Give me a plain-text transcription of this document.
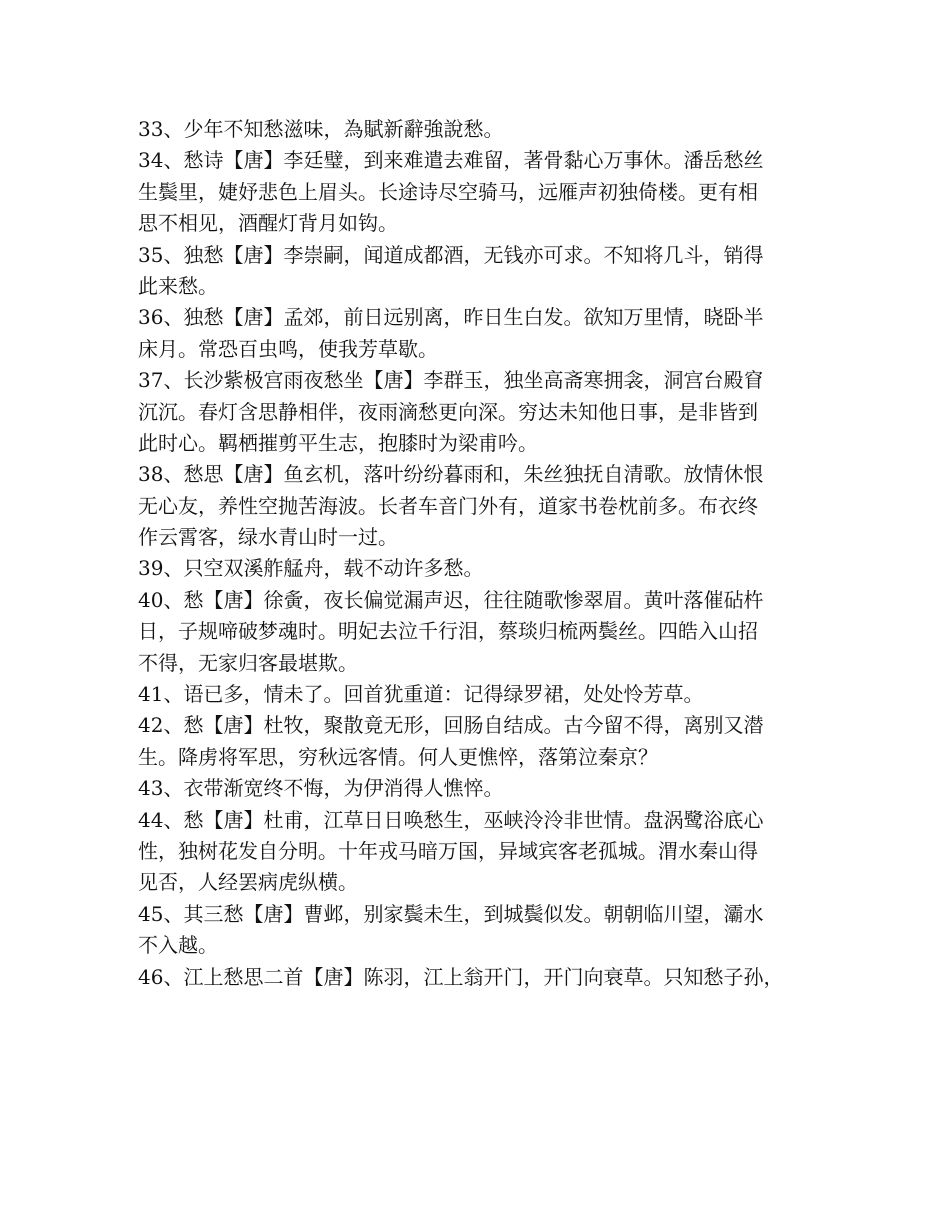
33、少年不知愁滋味，為賦新辭強說愁。
34、愁诗【唐】李廷璧，到来难遣去难留，著骨黏心万事休。潘岳愁丝
生鬓里，婕妤悲色上眉头。长途诗尽空骑马，远雁声初独倚楼。更有相
思不相见，酒醒灯背月如钩。
35、独愁【唐】李崇嗣，闻道成都酒，无钱亦可求。不知将几斗，销得
此来愁。
36、独愁【唐】孟郊，前日远别离，昨日生白发。欲知万里情，晓卧半
床月。常恐百虫鸣，使我芳草歇。
37、长沙紫极宫雨夜愁坐【唐】李群玉，独坐高斋寒拥衾，洞宫台殿窅
沉沉。春灯含思静相伴，夜雨滴愁更向深。穷达未知他日事，是非皆到
此时心。羁栖摧剪平生志，抱膝时为梁甫吟。
38、愁思【唐】鱼玄机，落叶纷纷暮雨和，朱丝独抚自清歌。放情休恨
无心友，养性空抛苦海波。长者车音门外有，道家书卷枕前多。布衣终
作云霄客，绿水青山时一过。
39、只空双溪舴艋舟，载不动许多愁。
40、愁【唐】徐夤，夜长偏觉漏声迟，往往随歌惨翠眉。黄叶落催砧杵
日，子规啼破梦魂时。明妃去泣千行泪，蔡琰归梳两鬓丝。四皓入山招
不得，无家归客最堪欺。
41、语已多，情未了。回首犹重道：记得绿罗裙，处处怜芳草。
42、愁【唐】杜牧，聚散竟无形，回肠自结成。古今留不得，离别又潜
生。降虏将军思，穷秋远客情。何人更憔悴，落第泣秦京？
43、衣带渐宽终不悔，为伊消得人憔悴。
44、愁【唐】杜甫，江草日日唤愁生，巫峡泠泠非世情。盘涡鹭浴底心
性，独树花发自分明。十年戎马暗万国，异域宾客老孤城。渭水秦山得
见否，人经罢病虎纵横。
45、其三愁【唐】曹邺，别家鬓未生，到城鬓似发。朝朝临川望，灞水
不入越。
46、江上愁思二首【唐】陈羽，江上翁开门，开门向衰草。只知愁子孙，
